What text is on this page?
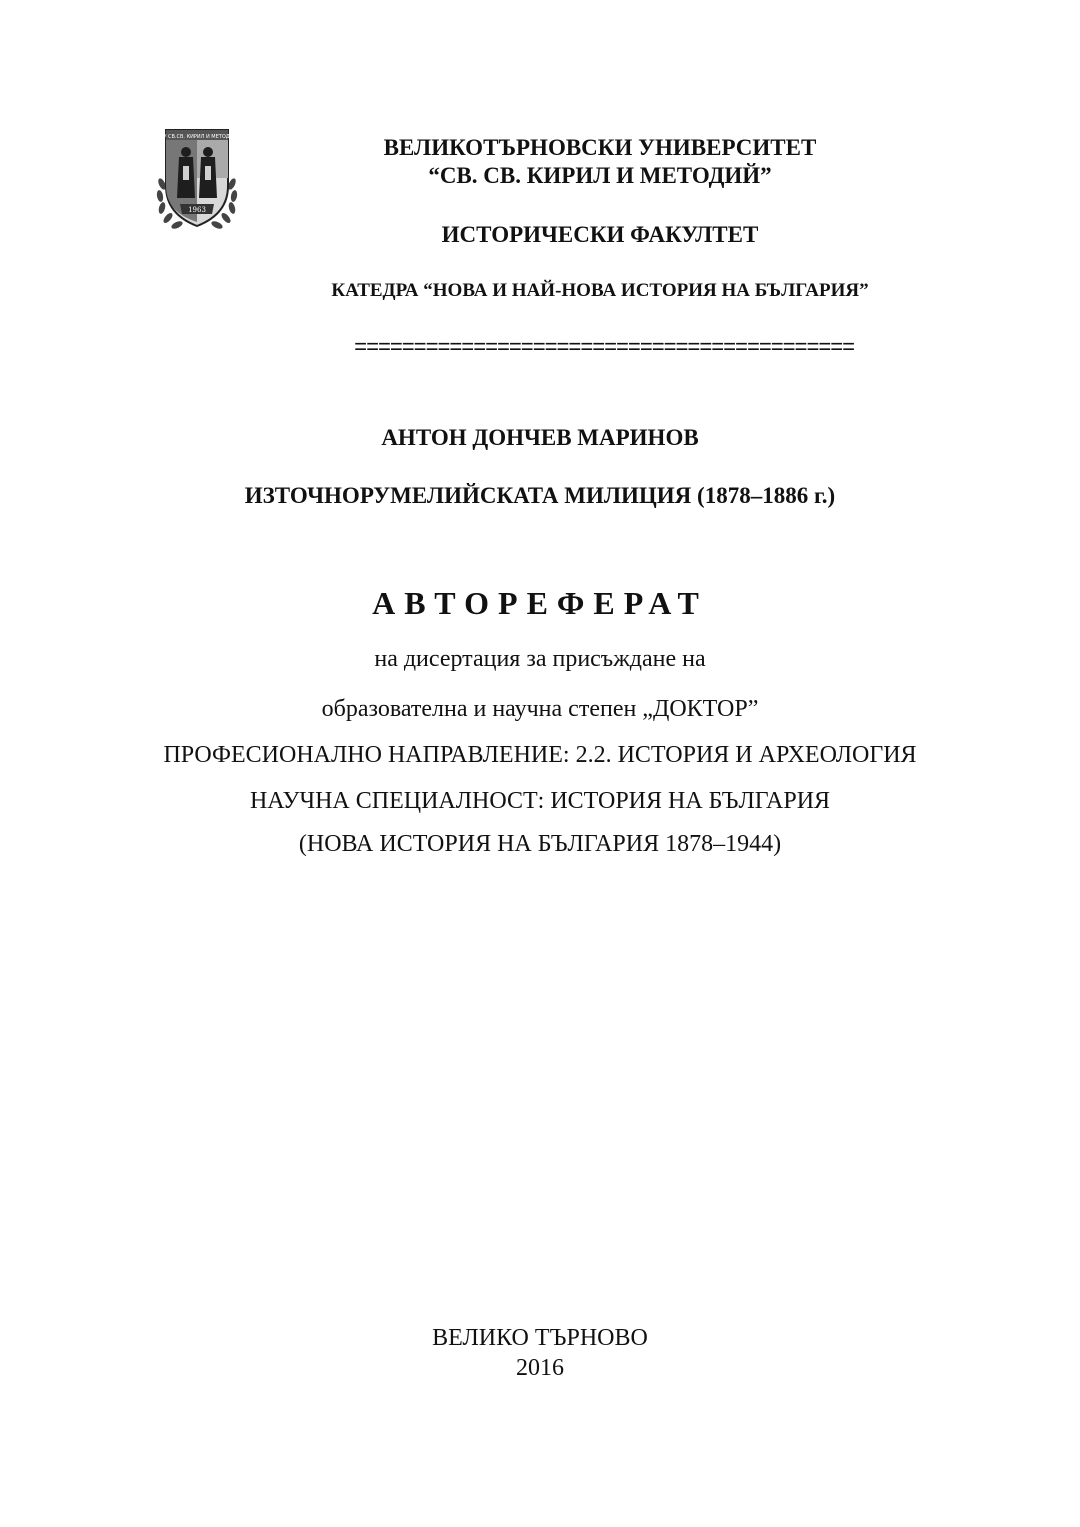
ВТУ СВ.СВ. КИРИЛ И МЕТОДИЙ
1963
ВЕЛИКОТЪРНОВСКИ УНИВЕРСИТЕТ
“СВ. СВ. КИРИЛ И МЕТОДИЙ”
ИСТОРИЧЕСКИ ФАКУЛТЕТ
КАТЕДРА “НОВА И НАЙ-НОВА ИСТОРИЯ НА БЪЛГАРИЯ”
==========================================
АНТОН ДОНЧЕВ МАРИНОВ
ИЗТОЧНОРУМЕЛИЙСКАТА МИЛИЦИЯ (1878–1886 г.)
АВТОРЕФЕРАТ
на дисертация за присъждане на
образователна и научна степен „ДОКТОР”
ПРОФЕСИОНАЛНО НАПРАВЛЕНИЕ: 2.2. ИСТОРИЯ И АРХЕОЛОГИЯ
НАУЧНА СПЕЦИАЛНОСТ: ИСТОРИЯ НА БЪЛГАРИЯ
(НОВА ИСТОРИЯ НА БЪЛГАРИЯ 1878–1944)
ВЕЛИКО ТЪРНОВО
2016
